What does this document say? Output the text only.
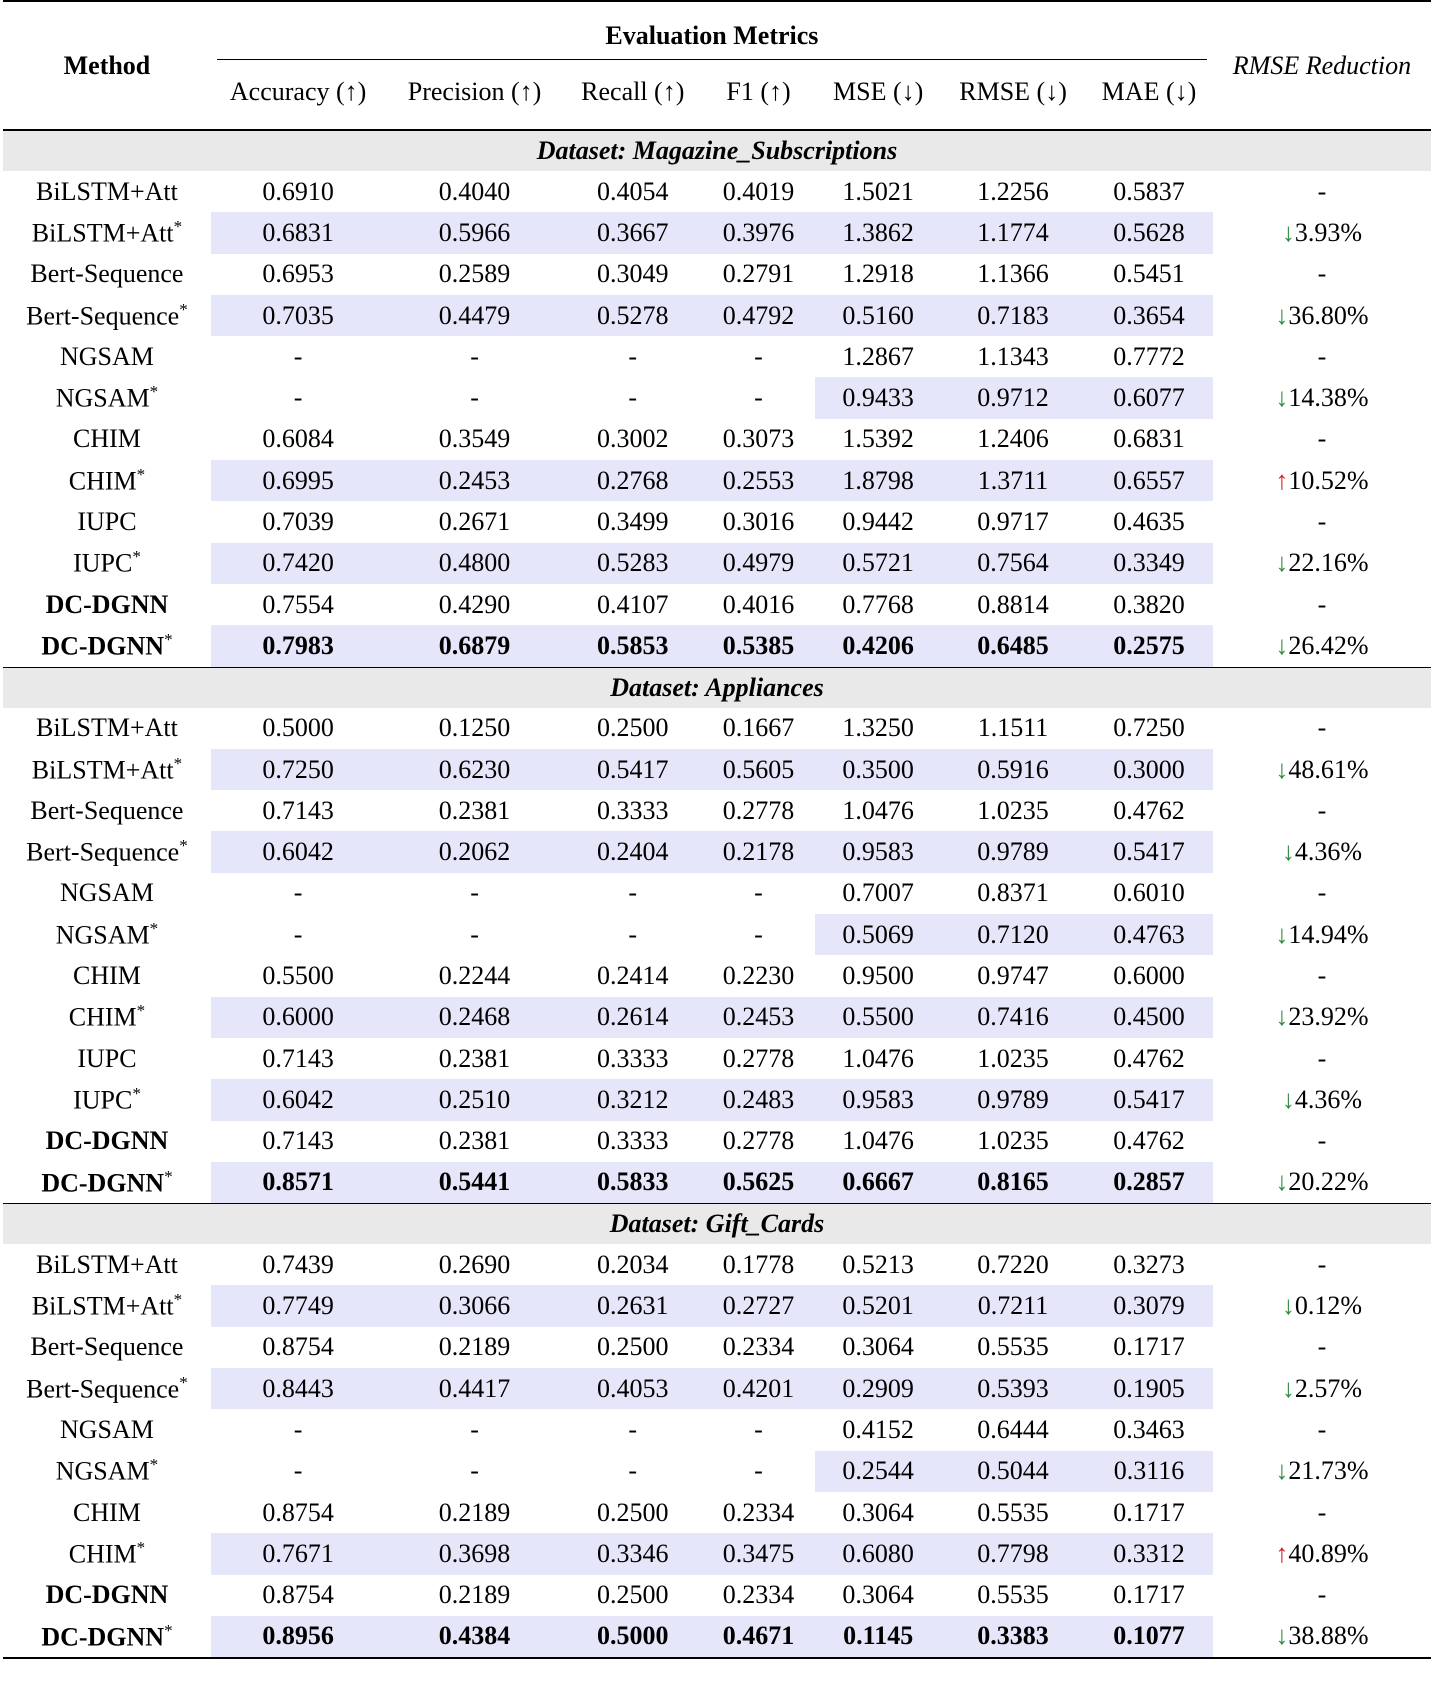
Method	Evaluation Metrics							RMSE Reduction
	Accuracy (↑)	Precision (↑)	Recall (↑)	F1 (↑)	MSE (↓)	RMSE (↓)	MAE (↓)	
Dataset: Magazine_Subscriptions								
BiLSTM+Att	0.6910	0.4040	0.4054	0.4019	1.5021	1.2256	0.5837	-
BiLSTM+Att*	0.6831	0.5966	0.3667	0.3976	1.3862	1.1774	0.5628	↓3.93%
Bert-Sequence	0.6953	0.2589	0.3049	0.2791	1.2918	1.1366	0.5451	-
Bert-Sequence*	0.7035	0.4479	0.5278	0.4792	0.5160	0.7183	0.3654	↓36.80%
NGSAM	-	-	-	-	1.2867	1.1343	0.7772	-
NGSAM*	-	-	-	-	0.9433	0.9712	0.6077	↓14.38%
CHIM	0.6084	0.3549	0.3002	0.3073	1.5392	1.2406	0.6831	-
CHIM*	0.6995	0.2453	0.2768	0.2553	1.8798	1.3711	0.6557	↑10.52%
IUPC	0.7039	0.2671	0.3499	0.3016	0.9442	0.9717	0.4635	-
IUPC*	0.7420	0.4800	0.5283	0.4979	0.5721	0.7564	0.3349	↓22.16%
DC-DGNN	0.7554	0.4290	0.4107	0.4016	0.7768	0.8814	0.3820	-
DC-DGNN*	0.7983	0.6879	0.5853	0.5385	0.4206	0.6485	0.2575	↓26.42%
Dataset: Appliances								
BiLSTM+Att	0.5000	0.1250	0.2500	0.1667	1.3250	1.1511	0.7250	-
BiLSTM+Att*	0.7250	0.6230	0.5417	0.5605	0.3500	0.5916	0.3000	↓48.61%
Bert-Sequence	0.7143	0.2381	0.3333	0.2778	1.0476	1.0235	0.4762	-
Bert-Sequence*	0.6042	0.2062	0.2404	0.2178	0.9583	0.9789	0.5417	↓4.36%
NGSAM	-	-	-	-	0.7007	0.8371	0.6010	-
NGSAM*	-	-	-	-	0.5069	0.7120	0.4763	↓14.94%
CHIM	0.5500	0.2244	0.2414	0.2230	0.9500	0.9747	0.6000	-
CHIM*	0.6000	0.2468	0.2614	0.2453	0.5500	0.7416	0.4500	↓23.92%
IUPC	0.7143	0.2381	0.3333	0.2778	1.0476	1.0235	0.4762	-
IUPC*	0.6042	0.2510	0.3212	0.2483	0.9583	0.9789	0.5417	↓4.36%
DC-DGNN	0.7143	0.2381	0.3333	0.2778	1.0476	1.0235	0.4762	-
DC-DGNN*	0.8571	0.5441	0.5833	0.5625	0.6667	0.8165	0.2857	↓20.22%
Dataset: Gift_Cards								
BiLSTM+Att	0.7439	0.2690	0.2034	0.1778	0.5213	0.7220	0.3273	-
BiLSTM+Att*	0.7749	0.3066	0.2631	0.2727	0.5201	0.7211	0.3079	↓0.12%
Bert-Sequence	0.8754	0.2189	0.2500	0.2334	0.3064	0.5535	0.1717	-
Bert-Sequence*	0.8443	0.4417	0.4053	0.4201	0.2909	0.5393	0.1905	↓2.57%
NGSAM	-	-	-	-	0.4152	0.6444	0.3463	-
NGSAM*	-	-	-	-	0.2544	0.5044	0.3116	↓21.73%
CHIM	0.8754	0.2189	0.2500	0.2334	0.3064	0.5535	0.1717	-
CHIM*	0.7671	0.3698	0.3346	0.3475	0.6080	0.7798	0.3312	↑40.89%
DC-DGNN	0.8754	0.2189	0.2500	0.2334	0.3064	0.5535	0.1717	-
DC-DGNN*	0.8956	0.4384	0.5000	0.4671	0.1145	0.3383	0.1077	↓38.88%
